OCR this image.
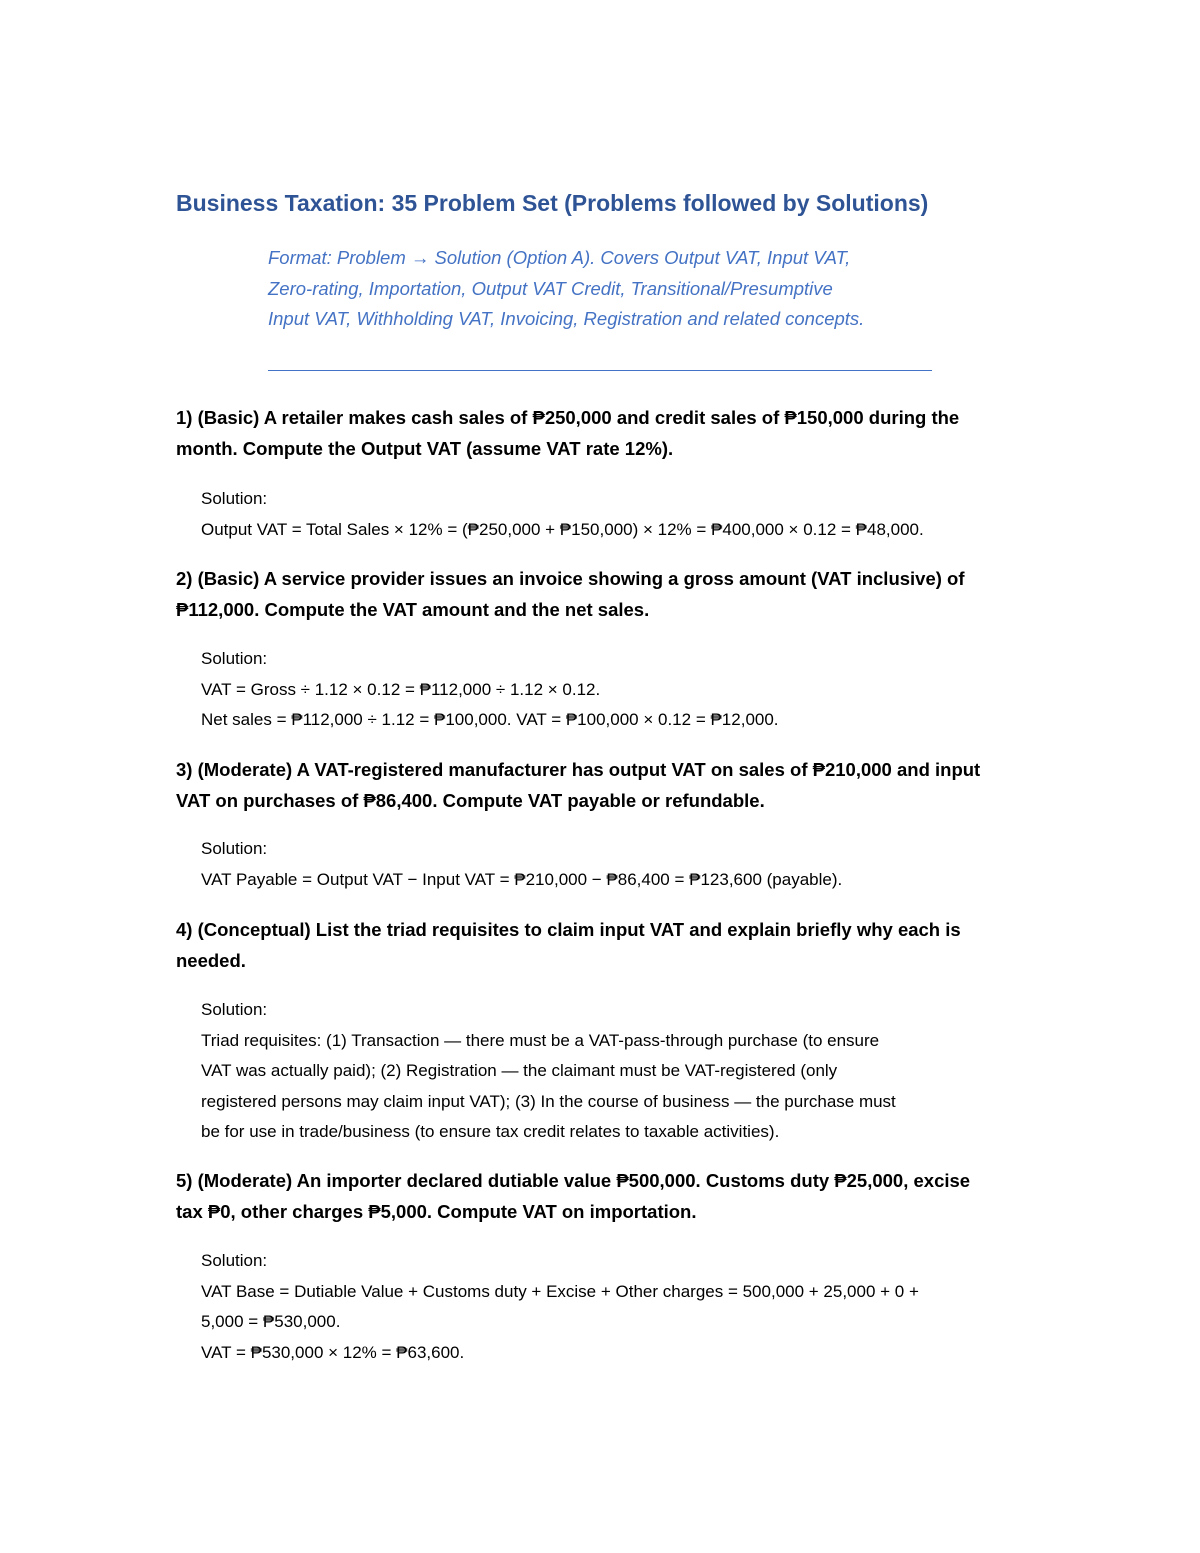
Business Taxation: 35 Problem Set (Problems followed by Solutions)
Format: Problem → Solution (Option A). Covers Output VAT, Input VAT,
Zero-rating, Importation, Output VAT Credit, Transitional/Presumptive
Input VAT, Withholding VAT, Invoicing, Registration and related concepts.
1) (Basic) A retailer makes cash sales of ₱250,000 and credit sales of ₱150,000 during the
month. Compute the Output VAT (assume VAT rate 12%).
Solution:
Output VAT = Total Sales × 12% = (₱250,000 + ₱150,000) × 12% = ₱400,000 × 0.12 = ₱48,000.
2) (Basic) A service provider issues an invoice showing a gross amount (VAT inclusive) of
₱112,000. Compute the VAT amount and the net sales.
Solution:
VAT = Gross ÷ 1.12 × 0.12 = ₱112,000 ÷ 1.12 × 0.12.
Net sales = ₱112,000 ÷ 1.12 = ₱100,000. VAT = ₱100,000 × 0.12 = ₱12,000.
3) (Moderate) A VAT-registered manufacturer has output VAT on sales of ₱210,000 and input
VAT on purchases of ₱86,400. Compute VAT payable or refundable.
Solution:
VAT Payable = Output VAT − Input VAT = ₱210,000 − ₱86,400 = ₱123,600 (payable).
4) (Conceptual) List the triad requisites to claim input VAT and explain briefly why each is
needed.
Solution:
Triad requisites: (1) Transaction — there must be a VAT-pass-through purchase (to ensure
VAT was actually paid); (2) Registration — the claimant must be VAT-registered (only
registered persons may claim input VAT); (3) In the course of business — the purchase must
be for use in trade/business (to ensure tax credit relates to taxable activities).
5) (Moderate) An importer declared dutiable value ₱500,000. Customs duty ₱25,000, excise
tax ₱0, other charges ₱5,000. Compute VAT on importation.
Solution:
VAT Base = Dutiable Value + Customs duty + Excise + Other charges = 500,000 + 25,000 + 0 +
5,000 = ₱530,000.
VAT = ₱530,000 × 12% = ₱63,600.
